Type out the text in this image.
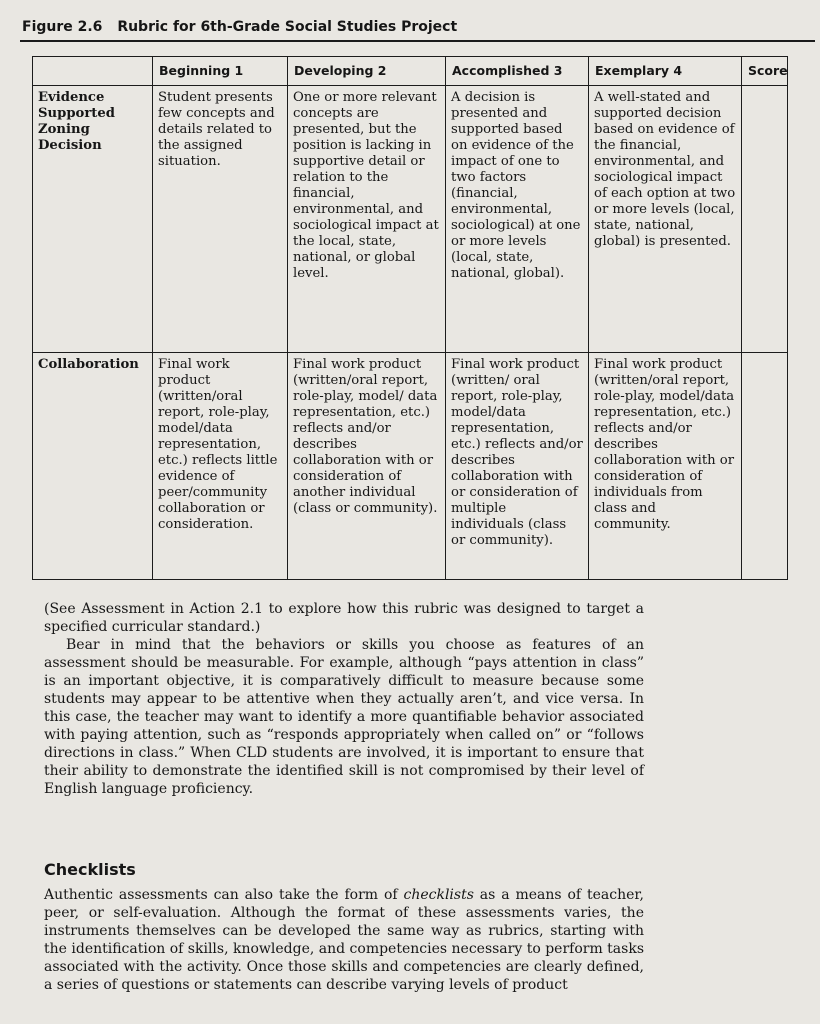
Figure 2.6 Rubric for 6th-Grade Social Studies Project
	Beginning 1	Developing 2	Accomplished 3	Exemplary 4	Score
Evidence Supported Zoning Decision	Student presents few concepts and details related to the assigned situation.	One or more relevant concepts are presented, but the position is lacking in supportive detail or relation to the financial, environmental, and sociological impact at the local, state, national, or global level.	A decision is presented and supported based on evidence of the impact of one to two factors (financial, environmental, sociological) at one or more levels (local, state, national, global).	A well-stated and supported decision based on evidence of the financial, environmental, and sociological impact of each option at two or more levels (local, state, national, global) is presented.	
Collaboration	Final work product (written/oral report, role-play, model/data representation, etc.) reflects little evidence of peer/community collaboration or consideration.	Final work product (written/oral report, role-play, model/ data representation, etc.) reflects and/or describes collaboration with or consideration of another individual (class or community).	Final work product (written/ oral report, role-play, model/data representation, etc.) reflects and/or describes collaboration with or consideration of multiple individuals (class or community).	Final work product (written/oral report, role-play, model/data representation, etc.) reflects and/or describes collaboration with or consideration of individuals from class and community.	

(See Assessment in Action 2.1 to explore how this rubric was designed to target a specified curricular standard.)

Bear in mind that the behaviors or skills you choose as features of an assessment should be measurable. For example, although “pays attention in class” is an important objective, it is comparatively difficult to measure because some students may appear to be attentive when they actually aren’t, and vice versa. In this case, the teacher may want to identify a more quantifiable behavior associated with paying attention, such as “responds appropriately when called on” or “follows directions in class.” When CLD students are involved, it is important to ensure that their ability to demonstrate the identified skill is not compromised by their level of English language proficiency.

Checklists

Authentic assessments can also take the form of checklists as a means of teacher, peer, or self-evaluation. Although the format of these assessments varies, the instruments themselves can be developed the same way as rubrics, starting with the identification of skills, knowledge, and competencies necessary to perform tasks associated with the activity. Once those skills and competencies are clearly defined, a series of questions or statements can describe varying levels of product
